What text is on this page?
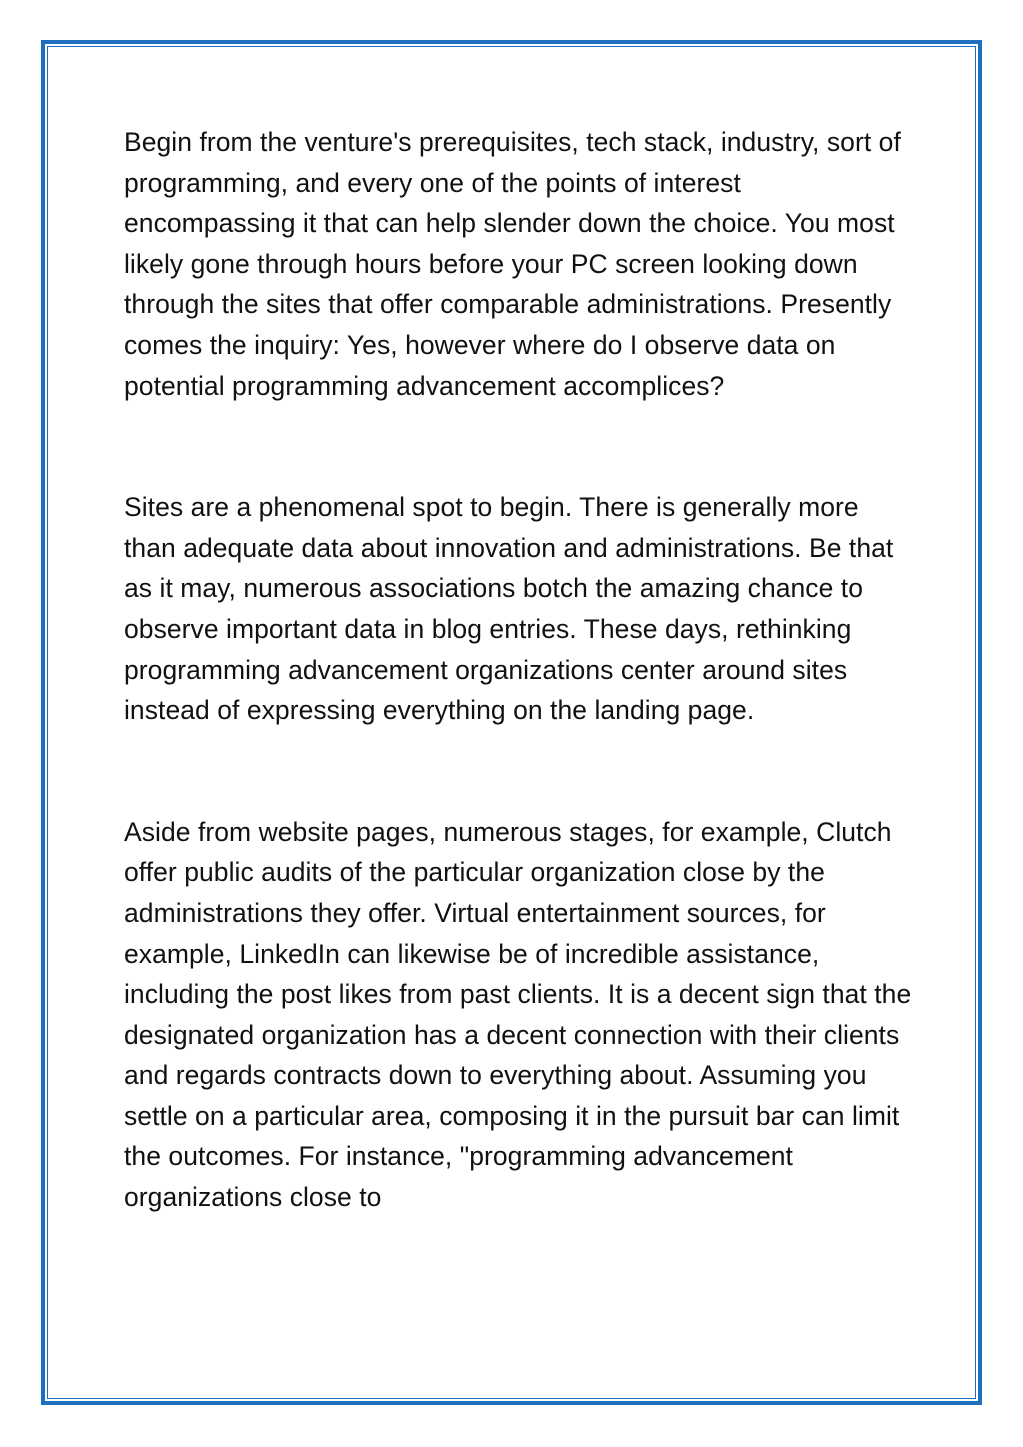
Begin from the venture's prerequisites, tech stack, industry, sort of programming, and every one of the points of interest encompassing it that can help slender down the choice. You most likely gone through hours before your PC screen looking down through the sites that offer comparable administrations. Presently comes the inquiry: Yes, however where do I observe data on potential programming advancement accomplices?

Sites are a phenomenal spot to begin. There is generally more than adequate data about innovation and administrations. Be that as it may, numerous associations botch the amazing chance to observe important data in blog entries. These days, rethinking programming advancement organizations center around sites instead of expressing everything on the landing page.

Aside from website pages, numerous stages, for example, Clutch offer public audits of the particular organization close by the administrations they offer. Virtual entertainment sources, for example, LinkedIn can likewise be of incredible assistance, including the post likes from past clients. It is a decent sign that the designated organization has a decent connection with their clients and regards contracts down to everything about. Assuming you settle on a particular area, composing it in the pursuit bar can limit the outcomes. For instance, "programming advancement organizations close to
